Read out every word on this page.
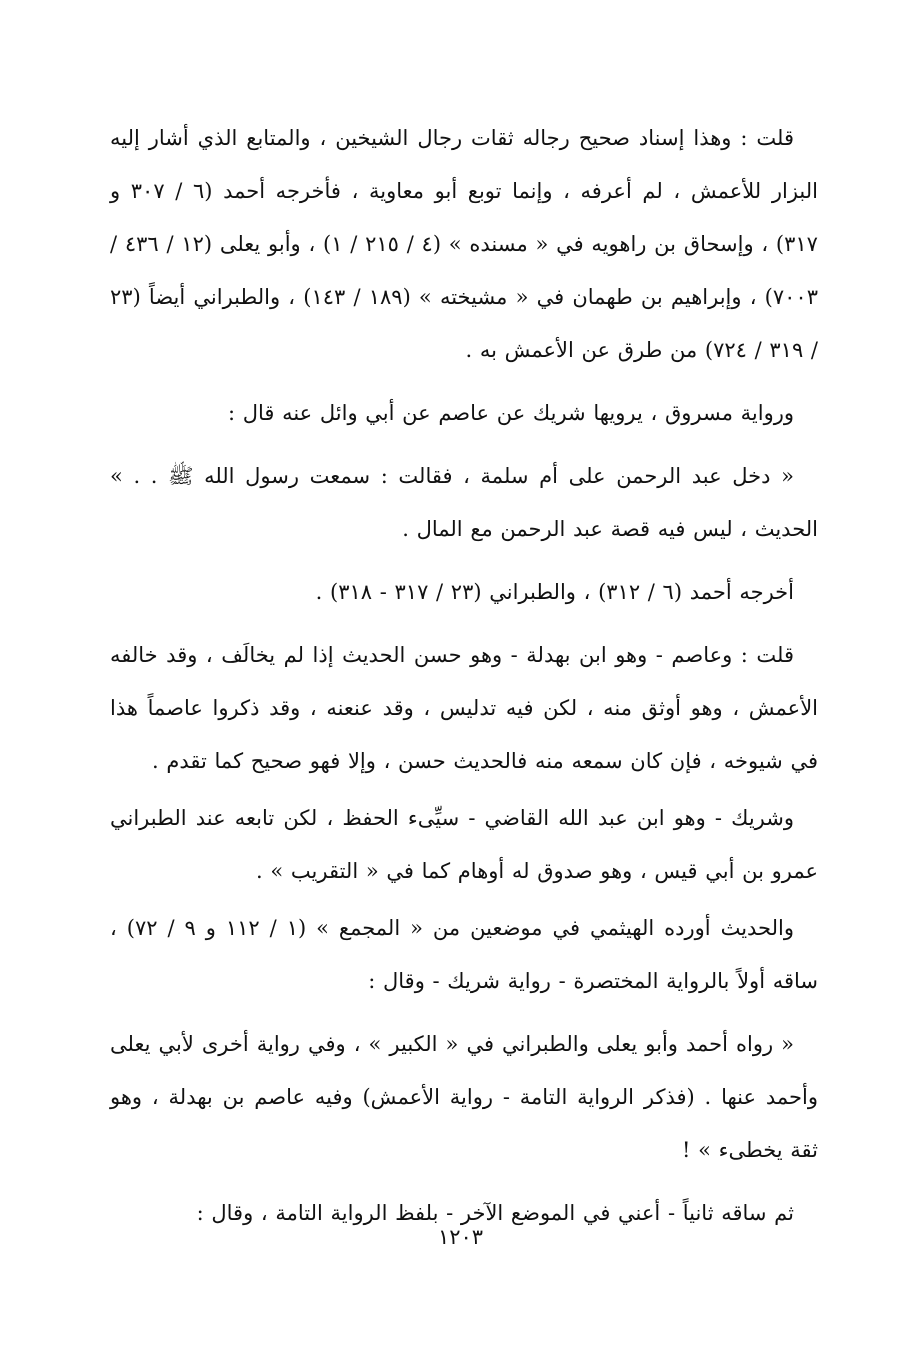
قلت : وهذا إسناد صحيح رجاله ثقات رجال الشيخين ، والمتابع الذي أشار إليه البزار للأعمش ، لم أعرفه ، وإنما توبع أبو معاوية ، فأخرجه أحمد (٦ / ٣٠٧ و ٣١٧) ، وإسحاق بن راهويه في « مسنده » (٤ / ٢١٥ / ١) ، وأبو يعلى (١٢ / ٤٣٦ / ٧٠٠٣) ، وإبراهيم بن طهمان في « مشيخته » (١٨٩ / ١٤٣) ، والطبراني أيضاً (٢٣ / ٣١٩ / ٧٢٤) من طرق عن الأعمش به .

ورواية مسروق ، يرويها شريك عن عاصم عن أبي وائل عنه قال :

« دخل عبد الرحمن على أم سلمة ، فقالت : سمعت رسول الله ﷺ . . » الحديث ، ليس فيه قصة عبد الرحمن مع المال .

أخرجه أحمد (٦ / ٣١٢) ، والطبراني (٢٣ / ٣١٧ - ٣١٨) .

قلت : وعاصم - وهو ابن بهدلة - وهو حسن الحديث إذا لم يخالَف ، وقد خالفه الأعمش ، وهو أوثق منه ، لكن فيه تدليس ، وقد عنعنه ، وقد ذكروا عاصماً هذا في شيوخه ، فإن كان سمعه منه فالحديث حسن ، وإلا فهو صحيح كما تقدم .

وشريك - وهو ابن عبد الله القاضي - سيِّىء الحفظ ، لكن تابعه عند الطبراني عمرو بن أبي قيس ، وهو صدوق له أوهام كما في « التقريب » .

والحديث أورده الهيثمي في موضعين من « المجمع » (١ / ١١٢ و ٩ / ٧٢) ، ساقه أولاً بالرواية المختصرة - رواية شريك - وقال :

« رواه أحمد وأبو يعلى والطبراني في « الكبير » ، وفي رواية أخرى لأبي يعلى وأحمد عنها . (فذكر الرواية التامة - رواية الأعمش) وفيه عاصم بن بهدلة ، وهو ثقة يخطىء » !

ثم ساقه ثانياً - أعني في الموضع الآخر - بلفظ الرواية التامة ، وقال :

١٢٠٣
